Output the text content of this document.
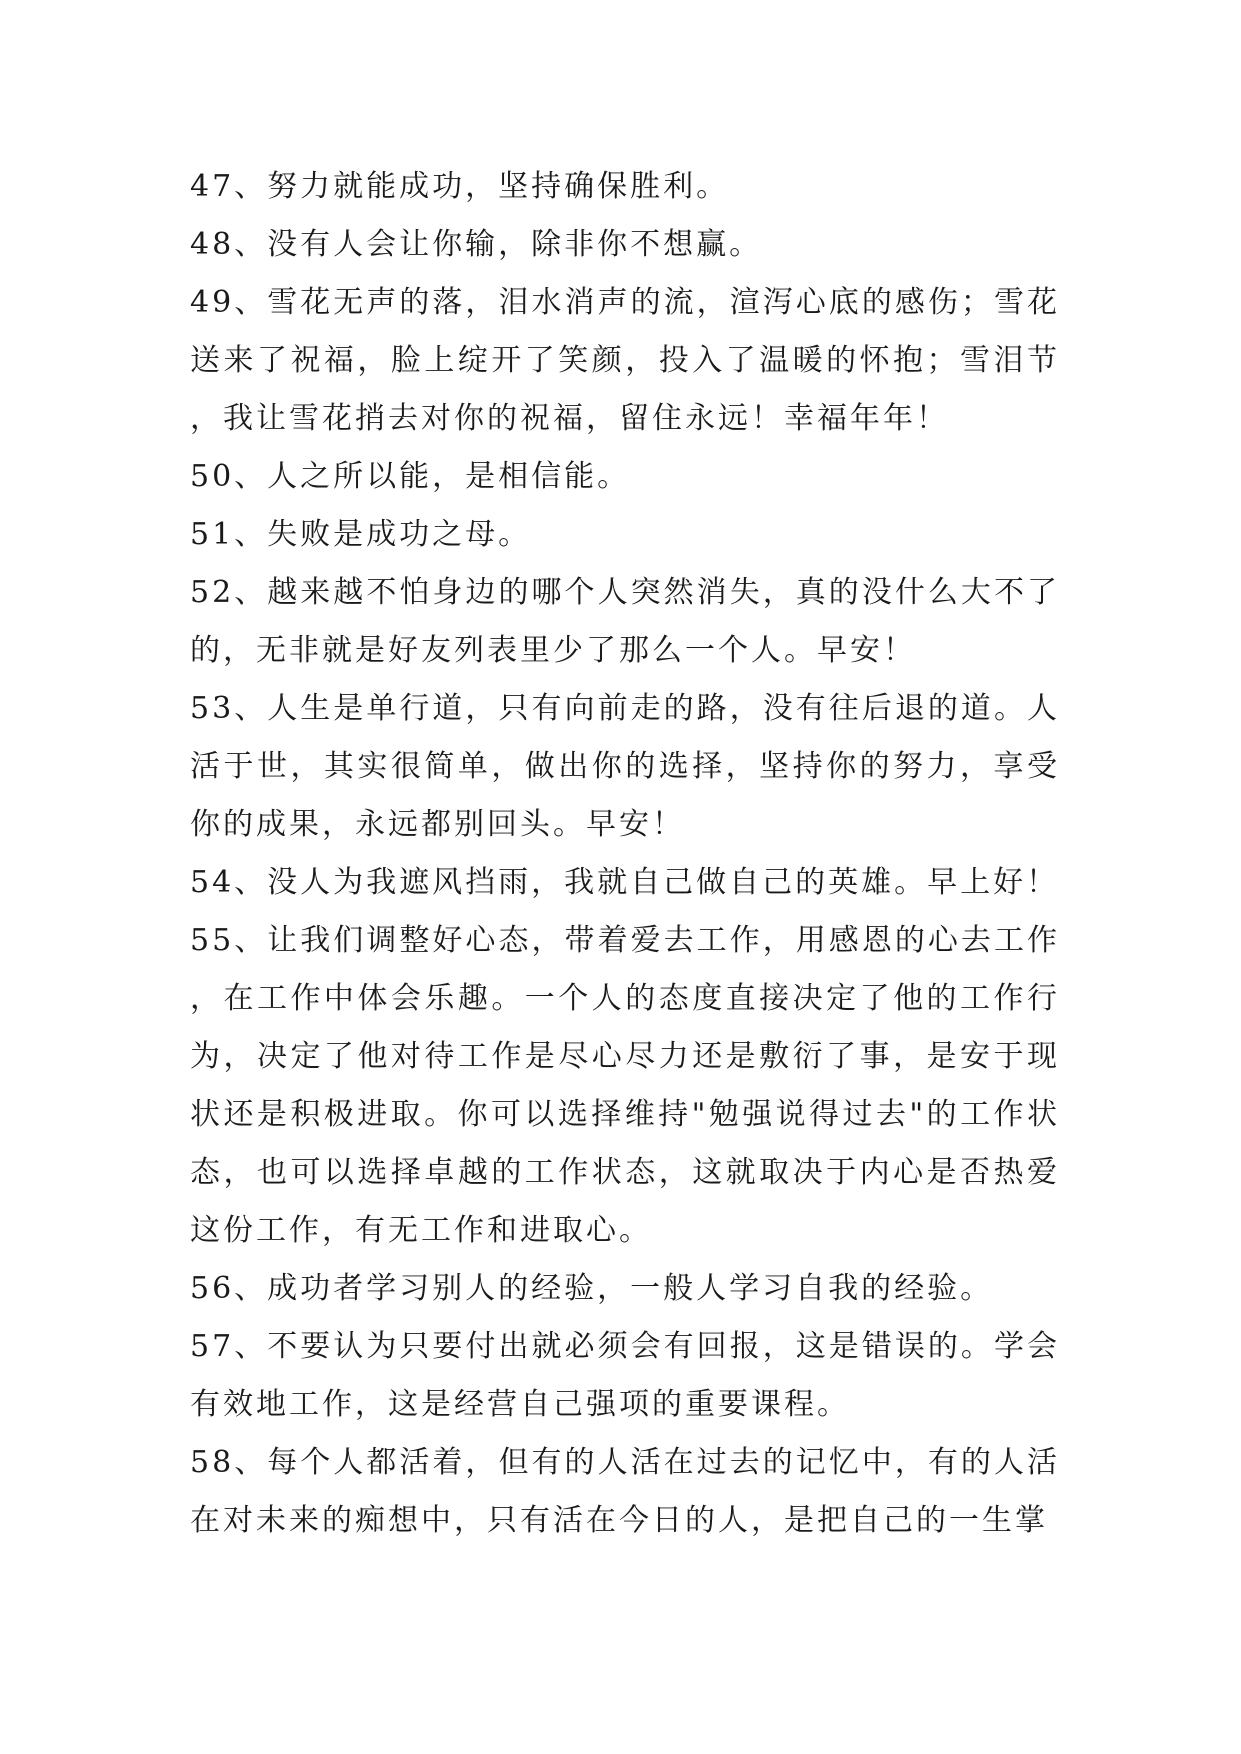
47、努力就能成功，坚持确保胜利。

48、没有人会让你输，除非你不想赢。

49、雪花无声的落，泪水消声的流，渲泻心底的感伤；雪花送来了祝福，脸上绽开了笑颜，投入了温暖的怀抱；雪泪节，我让雪花捎去对你的祝福，留住永远！幸福年年！

50、人之所以能，是相信能。

51、失败是成功之母。

52、越来越不怕身边的哪个人突然消失，真的没什么大不了的，无非就是好友列表里少了那么一个人。早安！

53、人生是单行道，只有向前走的路，没有往后退的道。人活于世，其实很简单，做出你的选择，坚持你的努力，享受你的成果，永远都别回头。早安！

54、没人为我遮风挡雨，我就自己做自己的英雄。早上好！

55、让我们调整好心态，带着爱去工作，用感恩的心去工作，在工作中体会乐趣。一个人的态度直接决定了他的工作行为，决定了他对待工作是尽心尽力还是敷衍了事，是安于现状还是积极进取。你可以选择维持"勉强说得过去"的工作状态，也可以选择卓越的工作状态，这就取决于内心是否热爱这份工作，有无工作和进取心。

56、成功者学习别人的经验，一般人学习自我的经验。

57、不要认为只要付出就必须会有回报，这是错误的。学会有效地工作，这是经营自己强项的重要课程。

58、每个人都活着，但有的人活在过去的记忆中，有的人活在对未来的痴想中，只有活在今日的人，是把自己的一生掌
